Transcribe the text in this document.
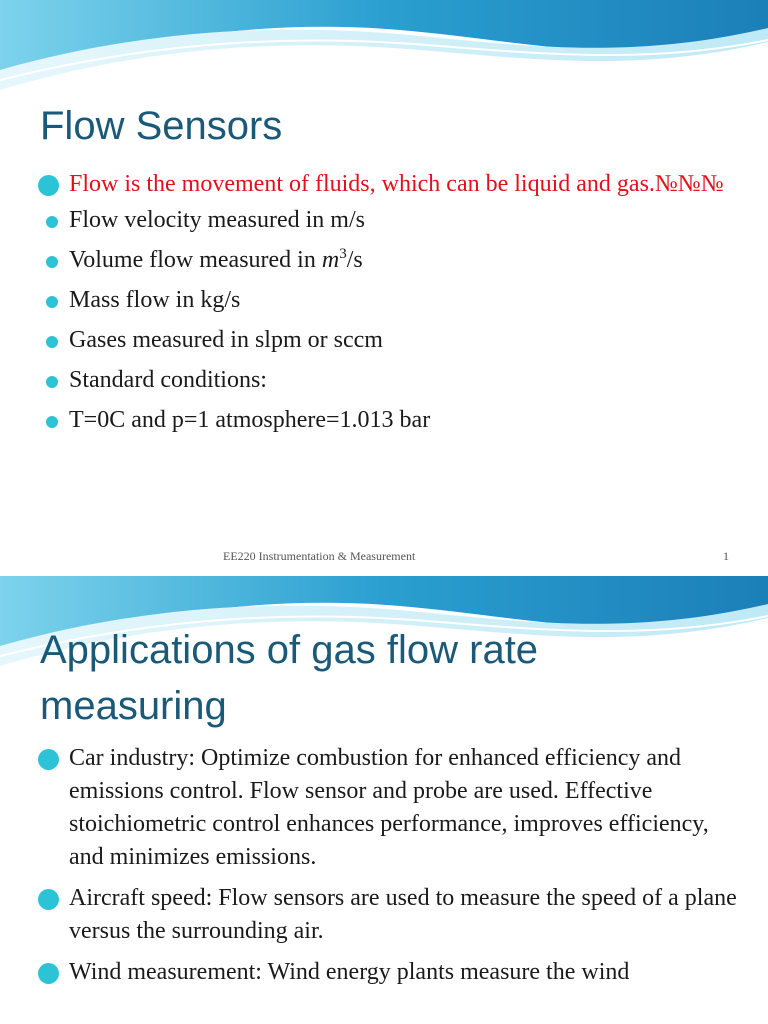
Flow Sensors
Flow is the movement of fluids, which can be liquid and gas.№№№
Flow velocity measured in m/s
Volume flow measured in $m^3/s$
Mass flow in kg/s
Gases measured in slpm or sccm
Standard conditions:
T=0C and p=1 atmosphere=1.013 bar
EE220 Instrumentation & Measurement	1
Applications of gas flow rate
measuring
Car industry: Optimize combustion for enhanced efficiency and emissions control. Flow sensor and probe are used. Effective stoichiometric control enhances performance, improves efficiency, and minimizes emissions.
Aircraft speed: Flow sensors are used to measure the speed of a plane versus the surrounding air.
Wind measurement: Wind energy plants measure the wind
